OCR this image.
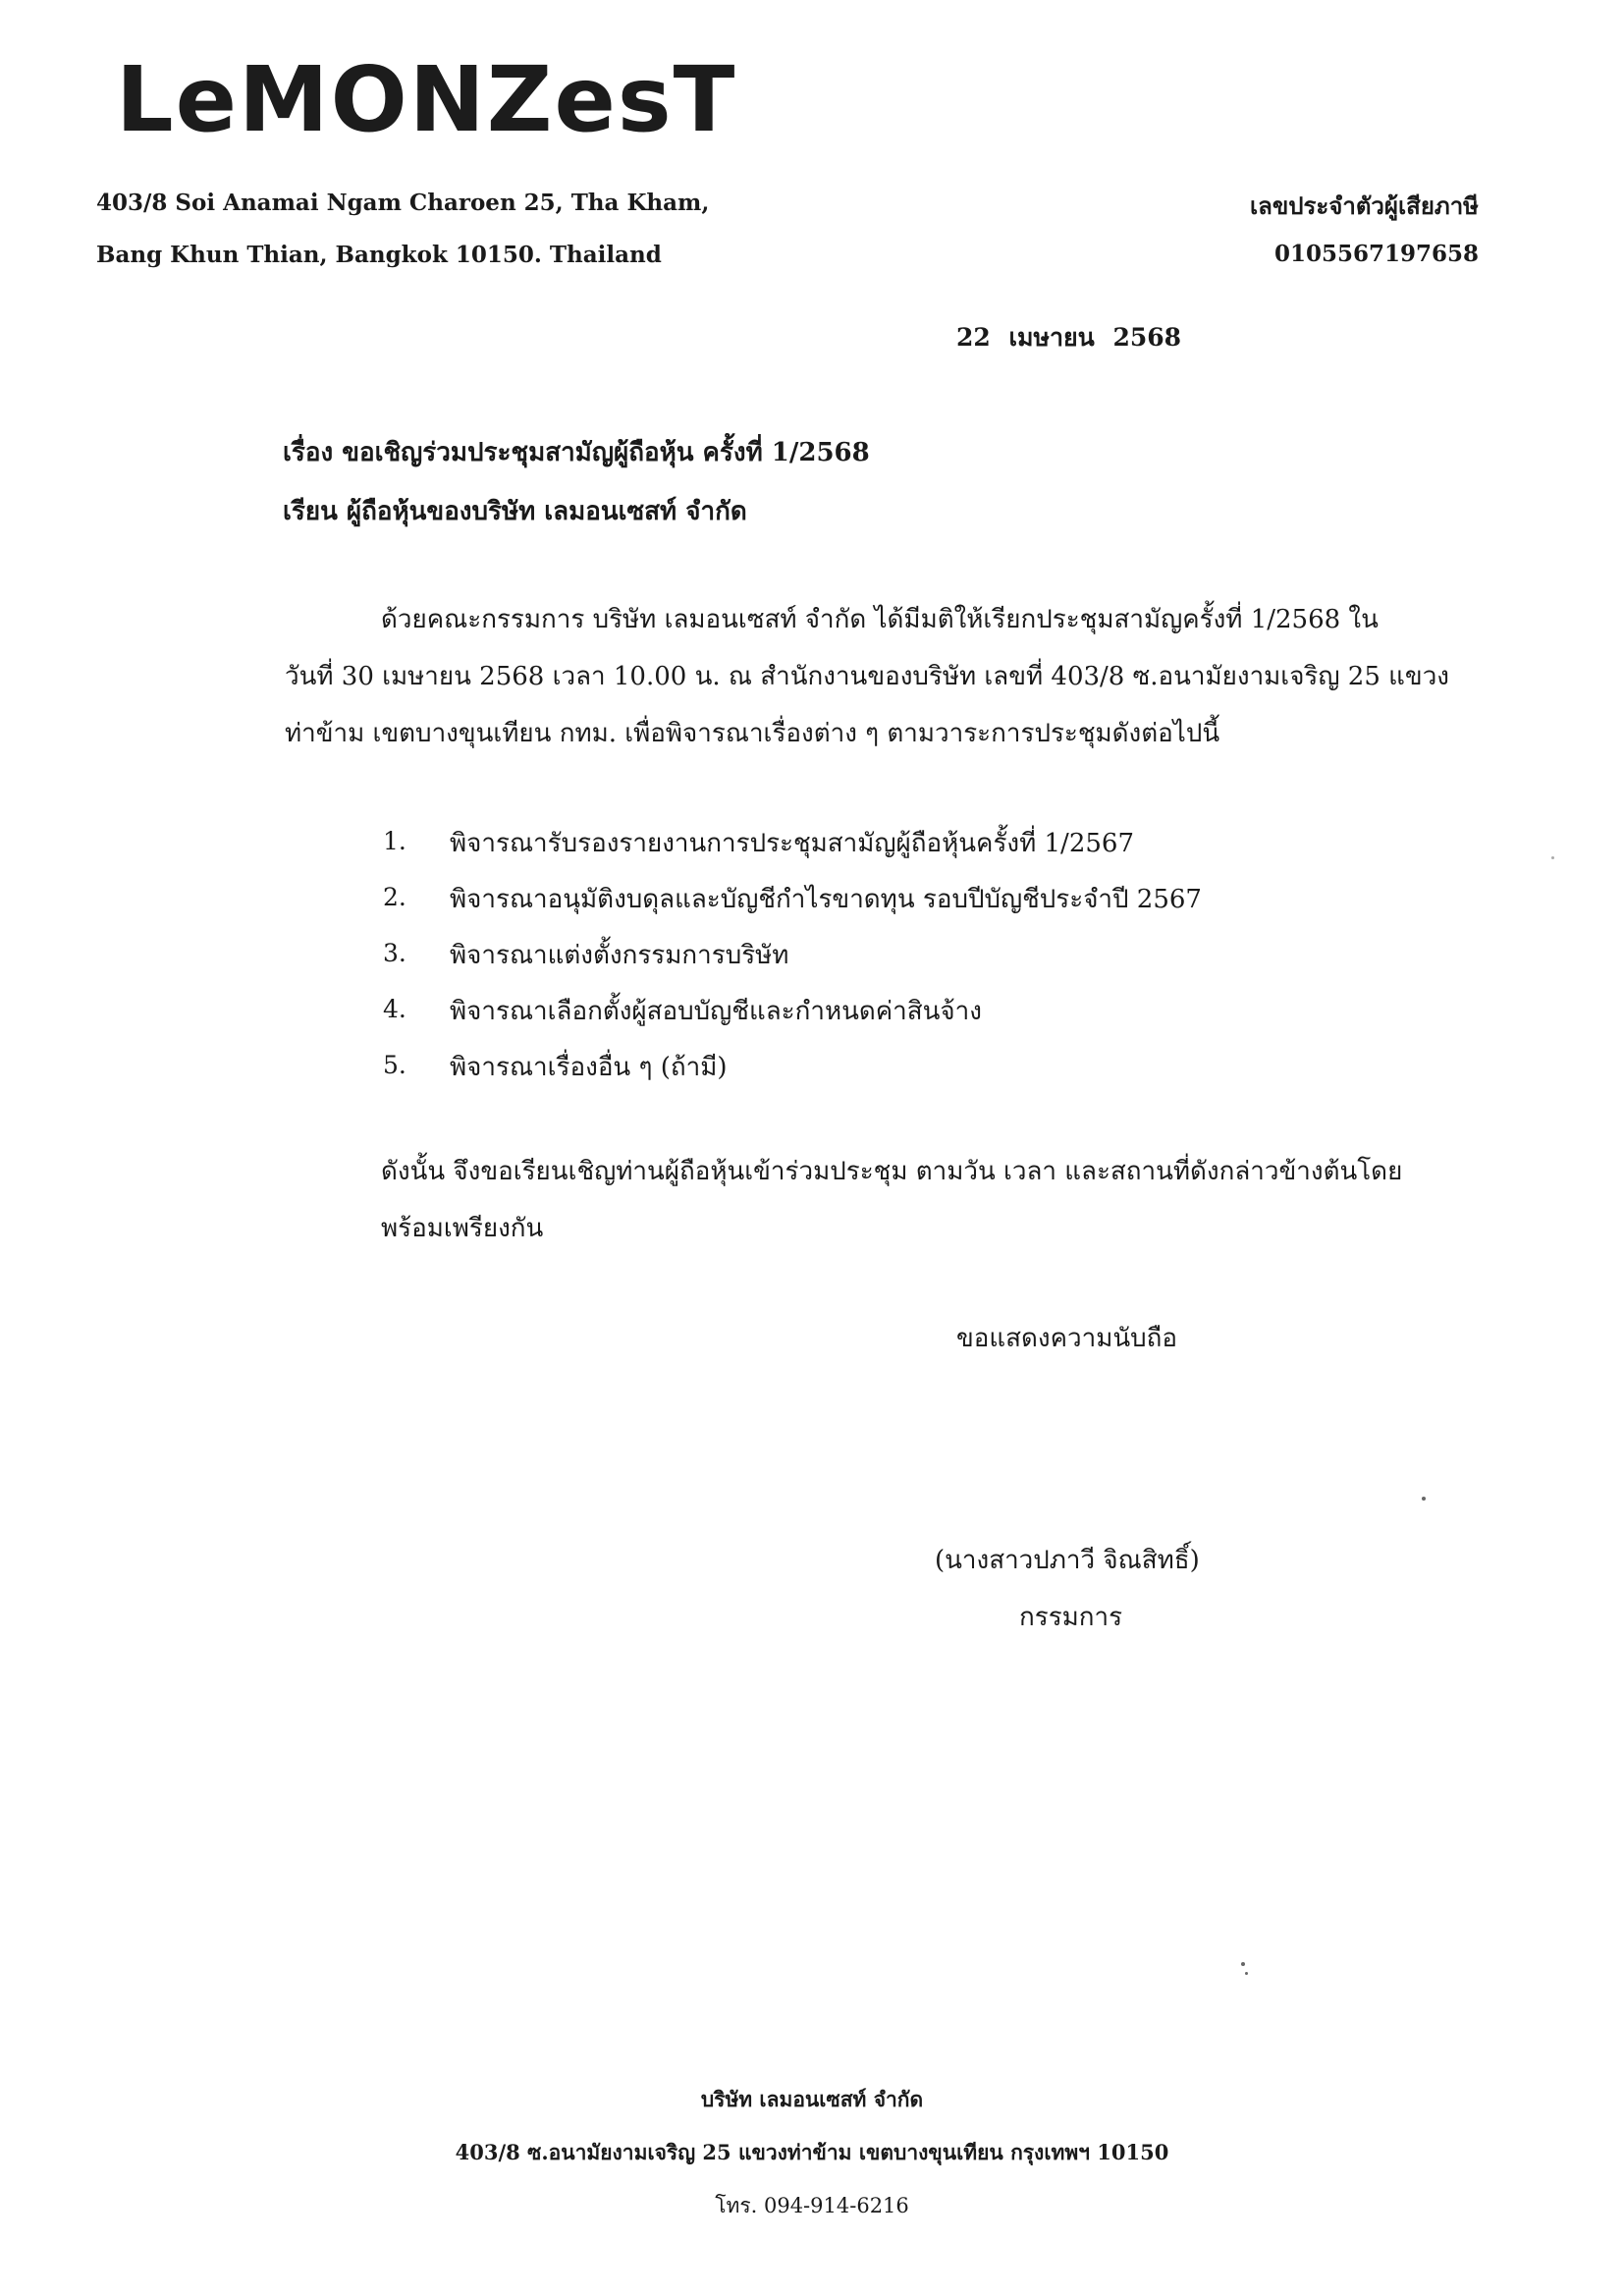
LeMONZesT
403/8 Soi Anamai Ngam Charoen 25, Tha Kham,
Bang Khun Thian, Bangkok 10150. Thailand
เลขประจำตัวผู้เสียภาษี
0105567197658
22 เมษายน 2568
เรื่อง ขอเชิญร่วมประชุมสามัญผู้ถือหุ้น ครั้งที่ 1/2568
เรียน ผู้ถือหุ้นของบริษัท เลมอนเซสท์ จำกัด
ด้วยคณะกรรมการ บริษัท เลมอนเซสท์ จำกัด ได้มีมติให้เรียกประชุมสามัญครั้งที่ 1/2568 ใน
วันที่ 30 เมษายน 2568 เวลา 10.00 น. ณ สำนักงานของบริษัท เลขที่ 403/8 ซ.อนามัยงามเจริญ 25 แขวง
ท่าข้าม เขตบางขุนเทียน กทม. เพื่อพิจารณาเรื่องต่าง ๆ ตามวาระการประชุมดังต่อไปนี้
1. พิจารณารับรองรายงานการประชุมสามัญผู้ถือหุ้นครั้งที่ 1/2567
2. พิจารณาอนุมัติงบดุลและบัญชีกำไรขาดทุน รอบปีบัญชีประจำปี 2567
3. พิจารณาแต่งตั้งกรรมการบริษัท
4. พิจารณาเลือกตั้งผู้สอบบัญชีและกำหนดค่าสินจ้าง
5. พิจารณาเรื่องอื่น ๆ (ถ้ามี)
ดังนั้น จึงขอเรียนเชิญท่านผู้ถือหุ้นเข้าร่วมประชุม ตามวัน เวลา และสถานที่ดังกล่าวข้างต้นโดย
พร้อมเพรียงกัน
ขอแสดงความนับถือ
(นางสาวปภาวี จิณสิทธิ์)
กรรมการ
บริษัท เลมอนเซสท์ จำกัด
403/8 ซ.อนามัยงามเจริญ 25 แขวงท่าข้าม เขตบางขุนเทียน กรุงเทพฯ 10150
โทร. 094-914-6216
